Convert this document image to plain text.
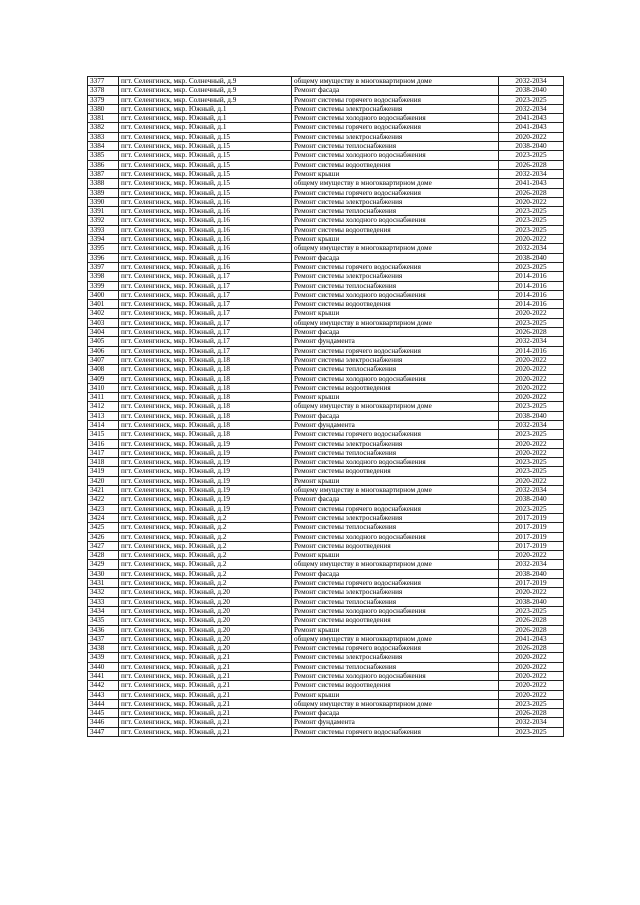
3377	пгт. Селенгинск, мкр. Солнечный, д.9	общему имуществу в многоквартирном доме	2032-2034
3378	пгт. Селенгинск, мкр. Солнечный, д.9	Ремонт фасада	2038-2040
3379	пгт. Селенгинск, мкр. Солнечный, д.9	Ремонт системы горячего водоснабжения	2023-2025
3380	пгт. Селенгинск, мкр. Южный, д.1	Ремонт системы электроснабжения	2032-2034
3381	пгт. Селенгинск, мкр. Южный, д.1	Ремонт системы холодного водоснабжения	2041-2043
3382	пгт. Селенгинск, мкр. Южный, д.1	Ремонт системы горячего водоснабжения	2041-2043
3383	пгт. Селенгинск, мкр. Южный, д.15	Ремонт системы электроснабжения	2020-2022
3384	пгт. Селенгинск, мкр. Южный, д.15	Ремонт системы теплоснабжения	2038-2040
3385	пгт. Селенгинск, мкр. Южный, д.15	Ремонт системы холодного водоснабжения	2023-2025
3386	пгт. Селенгинск, мкр. Южный, д.15	Ремонт системы водоотведения	2026-2028
3387	пгт. Селенгинск, мкр. Южный, д.15	Ремонт крыши	2032-2034
3388	пгт. Селенгинск, мкр. Южный, д.15	общему имуществу в многоквартирном доме	2041-2043
3389	пгт. Селенгинск, мкр. Южный, д.15	Ремонт системы горячего водоснабжения	2026-2028
3390	пгт. Селенгинск, мкр. Южный, д.16	Ремонт системы электроснабжения	2020-2022
3391	пгт. Селенгинск, мкр. Южный, д.16	Ремонт системы теплоснабжения	2023-2025
3392	пгт. Селенгинск, мкр. Южный, д.16	Ремонт системы холодного водоснабжения	2023-2025
3393	пгт. Селенгинск, мкр. Южный, д.16	Ремонт системы водоотведения	2023-2025
3394	пгт. Селенгинск, мкр. Южный, д.16	Ремонт крыши	2020-2022
3395	пгт. Селенгинск, мкр. Южный, д.16	общему имуществу в многоквартирном доме	2032-2034
3396	пгт. Селенгинск, мкр. Южный, д.16	Ремонт фасада	2038-2040
3397	пгт. Селенгинск, мкр. Южный, д.16	Ремонт системы горячего водоснабжения	2023-2025
3398	пгт. Селенгинск, мкр. Южный, д.17	Ремонт системы электроснабжения	2014-2016
3399	пгт. Селенгинск, мкр. Южный, д.17	Ремонт системы теплоснабжения	2014-2016
3400	пгт. Селенгинск, мкр. Южный, д.17	Ремонт системы холодного водоснабжения	2014-2016
3401	пгт. Селенгинск, мкр. Южный, д.17	Ремонт системы водоотведения	2014-2016
3402	пгт. Селенгинск, мкр. Южный, д.17	Ремонт крыши	2020-2022
3403	пгт. Селенгинск, мкр. Южный, д.17	общему имуществу в многоквартирном доме	2023-2025
3404	пгт. Селенгинск, мкр. Южный, д.17	Ремонт фасада	2026-2028
3405	пгт. Селенгинск, мкр. Южный, д.17	Ремонт фундамента	2032-2034
3406	пгт. Селенгинск, мкр. Южный, д.17	Ремонт системы горячего водоснабжения	2014-2016
3407	пгт. Селенгинск, мкр. Южный, д.18	Ремонт системы электроснабжения	2020-2022
3408	пгт. Селенгинск, мкр. Южный, д.18	Ремонт системы теплоснабжения	2020-2022
3409	пгт. Селенгинск, мкр. Южный, д.18	Ремонт системы холодного водоснабжения	2020-2022
3410	пгт. Селенгинск, мкр. Южный, д.18	Ремонт системы водоотведения	2020-2022
3411	пгт. Селенгинск, мкр. Южный, д.18	Ремонт крыши	2020-2022
3412	пгт. Селенгинск, мкр. Южный, д.18	общему имуществу в многоквартирном доме	2023-2025
3413	пгт. Селенгинск, мкр. Южный, д.18	Ремонт фасада	2038-2040
3414	пгт. Селенгинск, мкр. Южный, д.18	Ремонт фундамента	2032-2034
3415	пгт. Селенгинск, мкр. Южный, д.18	Ремонт системы горячего водоснабжения	2023-2025
3416	пгт. Селенгинск, мкр. Южный, д.19	Ремонт системы электроснабжения	2020-2022
3417	пгт. Селенгинск, мкр. Южный, д.19	Ремонт системы теплоснабжения	2020-2022
3418	пгт. Селенгинск, мкр. Южный, д.19	Ремонт системы холодного водоснабжения	2023-2025
3419	пгт. Селенгинск, мкр. Южный, д.19	Ремонт системы водоотведения	2023-2025
3420	пгт. Селенгинск, мкр. Южный, д.19	Ремонт крыши	2020-2022
3421	пгт. Селенгинск, мкр. Южный, д.19	общему имуществу в многоквартирном доме	2032-2034
3422	пгт. Селенгинск, мкр. Южный, д.19	Ремонт фасада	2038-2040
3423	пгт. Селенгинск, мкр. Южный, д.19	Ремонт системы горячего водоснабжения	2023-2025
3424	пгт. Селенгинск, мкр. Южный, д.2	Ремонт системы электроснабжения	2017-2019
3425	пгт. Селенгинск, мкр. Южный, д.2	Ремонт системы теплоснабжения	2017-2019
3426	пгт. Селенгинск, мкр. Южный, д.2	Ремонт системы холодного водоснабжения	2017-2019
3427	пгт. Селенгинск, мкр. Южный, д.2	Ремонт системы водоотведения	2017-2019
3428	пгт. Селенгинск, мкр. Южный, д.2	Ремонт крыши	2020-2022
3429	пгт. Селенгинск, мкр. Южный, д.2	общему имуществу в многоквартирном доме	2032-2034
3430	пгт. Селенгинск, мкр. Южный, д.2	Ремонт фасада	2038-2040
3431	пгт. Селенгинск, мкр. Южный, д.2	Ремонт системы горячего водоснабжения	2017-2019
3432	пгт. Селенгинск, мкр. Южный, д.20	Ремонт системы электроснабжения	2020-2022
3433	пгт. Селенгинск, мкр. Южный, д.20	Ремонт системы теплоснабжения	2038-2040
3434	пгт. Селенгинск, мкр. Южный, д.20	Ремонт системы холодного водоснабжения	2023-2025
3435	пгт. Селенгинск, мкр. Южный, д.20	Ремонт системы водоотведения	2026-2028
3436	пгт. Селенгинск, мкр. Южный, д.20	Ремонт крыши	2026-2028
3437	пгт. Селенгинск, мкр. Южный, д.20	общему имуществу в многоквартирном доме	2041-2043
3438	пгт. Селенгинск, мкр. Южный, д.20	Ремонт системы горячего водоснабжения	2026-2028
3439	пгт. Селенгинск, мкр. Южный, д.21	Ремонт системы электроснабжения	2020-2022
3440	пгт. Селенгинск, мкр. Южный, д.21	Ремонт системы теплоснабжения	2020-2022
3441	пгт. Селенгинск, мкр. Южный, д.21	Ремонт системы холодного водоснабжения	2020-2022
3442	пгт. Селенгинск, мкр. Южный, д.21	Ремонт системы водоотведения	2020-2022
3443	пгт. Селенгинск, мкр. Южный, д.21	Ремонт крыши	2020-2022
3444	пгт. Селенгинск, мкр. Южный, д.21	общему имуществу в многоквартирном доме	2023-2025
3445	пгт. Селенгинск, мкр. Южный, д.21	Ремонт фасада	2026-2028
3446	пгт. Селенгинск, мкр. Южный, д.21	Ремонт фундамента	2032-2034
3447	пгт. Селенгинск, мкр. Южный, д.21	Ремонт системы горячего водоснабжения	2023-2025
